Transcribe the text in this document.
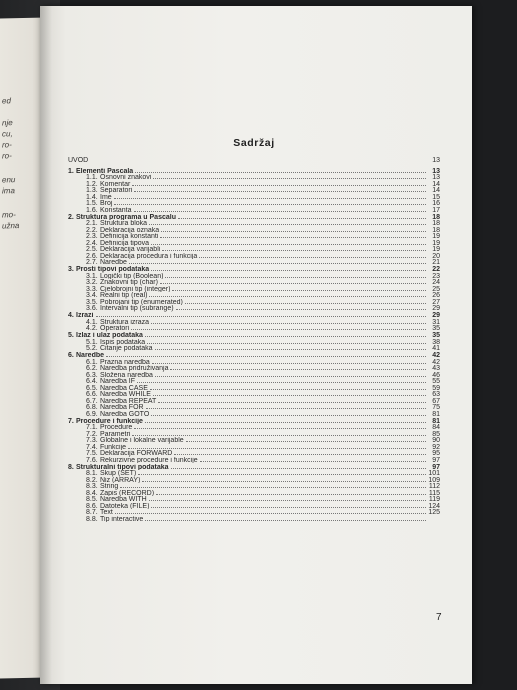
ed
nje
cu,
ro-
ro-
enu
ima
mo-
užna
Sadržaj
UVOD	13
1. Elementi Pascala	13
1.1. Osnovni znakovi	13
1.2. Komentar	14
1.3. Separatori	14
1.4. Ime	15
1.5. Broj	16
1.6. Konstanta	17
2. Struktura programa u Pascalu	18
2.1. Struktura bloka	18
2.2. Deklaracija oznaka	18
2.3. Definicija konstanti	19
2.4. Definicija tipova	19
2.5. Deklaracija varijabli	19
2.6. Deklaracija procedura i funkcija	20
2.7. Naredbe	21
3. Prosti tipovi podataka	22
3.1. Logički tip (Boolean)	23
3.2. Znakovni tip (char)	24
3.3. Cjelobrojni tip (integer)	25
3.4. Realni tip (real)	26
3.5. Pobrojani tip (enumerated)	27
3.6. Intervalni tip (subrange)	29
4. Izrazi	29
4.1. Struktura izraza	31
4.2. Operatori	35
5. Izlaz i ulaz podataka	35
5.1. Ispis podataka	38
5.2. Čitanje podataka	41
6. Naredbe	42
6.1. Prazna naredba	42
6.2. Naredba pridruživanja	43
6.3. Složena naredba	46
6.4. Naredba IF	55
6.5. Naredba CASE	59
6.6. Naredba WHILE	63
6.7. Naredba REPEAT	67
6.8. Naredba FOR	75
6.9. Naredba GOTO	81
7. Procedure i funkcije	81
7.1. Procedure	84
7.2. Parametri	85
7.3. Globalne i lokalne varijable	90
7.4. Funkcije	92
7.5. Deklaracija FORWARD	95
7.6. Rekurzivne procedure i funkcije	97
8. Strukturalni tipovi podataka	97
8.1. Skup (SET)	101
8.2. Niz (ARRAY)	109
8.3. String	112
8.4. Zapis (RECORD)	115
8.5. Naredba WITH	119
8.6. Datoteka (FILE)	124
8.7. Text	125
8.8. Tip interactive
7
